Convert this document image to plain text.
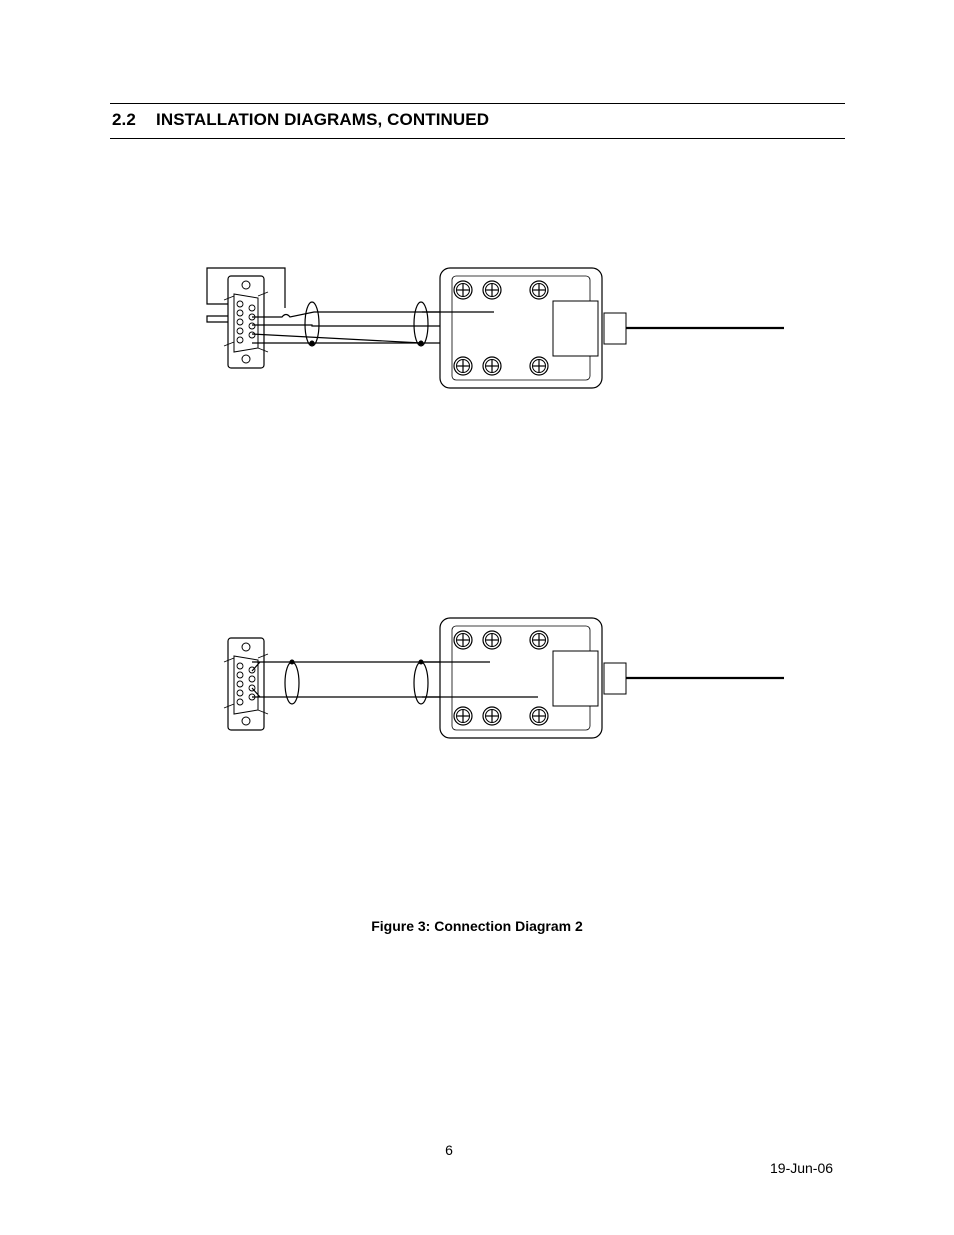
2.2 INSTALLATION DIAGRAMS, CONTINUED
Figure 3: Connection Diagram 2
6
19-Jun-06
